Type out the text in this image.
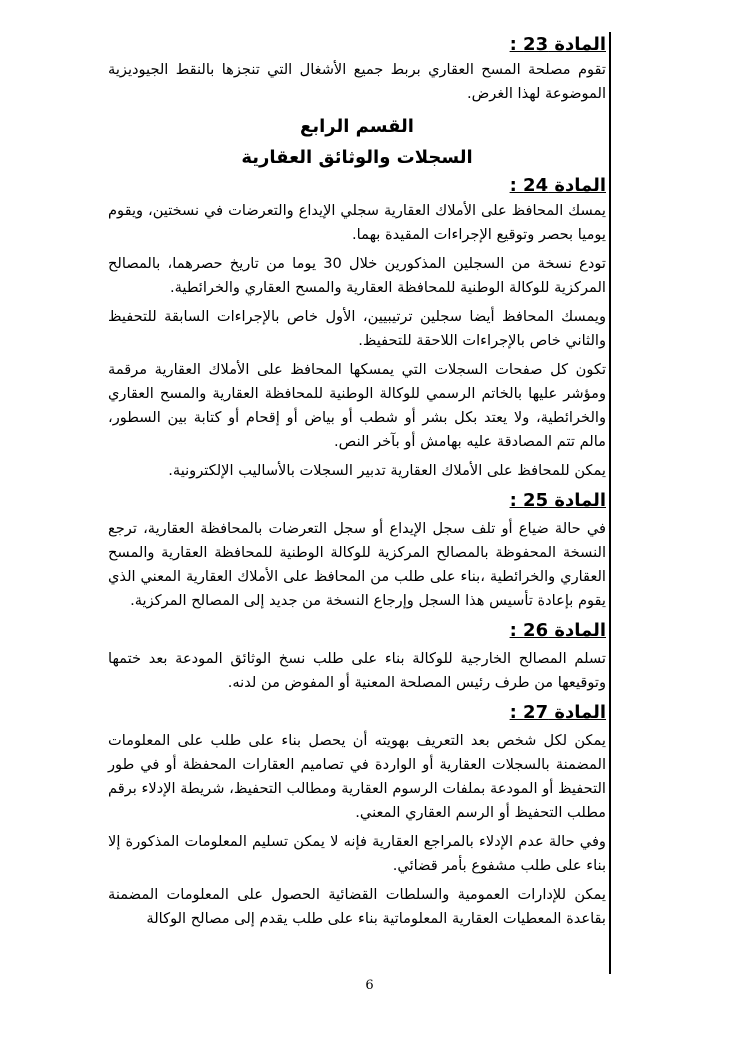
المادة 23 :

تقوم مصلحة المسح العقاري بربط جميع الأشغال التي تنجزها بالنقط الجيوديزية الموضوعة لهذا الغرض.

القسم الرابع
السجلات والوثائق العقارية
المادة 24 :

يمسك المحافظ على الأملاك العقارية سجلي الإيداع والتعرضات في نسختين، ويقوم يوميا بحصر وتوقيع الإجراءات المقيدة بهما.

تودع نسخة من السجلين المذكورين خلال 30 يوما من تاريخ حصرهما، بالمصالح المركزية للوكالة الوطنية للمحافظة العقارية والمسح العقاري والخرائطية.

ويمسك المحافظ أيضا سجلين ترتيبيين، الأول خاص بالإجراءات السابقة للتحفيظ والثاني خاص بالإجراءات اللاحقة للتحفيظ.

تكون كل صفحات السجلات التي يمسكها المحافظ على الأملاك العقارية مرقمة ومؤشر عليها بالخاتم الرسمي للوكالة الوطنية للمحافظة العقارية والمسح العقاري والخرائطية، ولا يعتد بكل بشر أو شطب أو بياض أو إقحام أو كتابة بين السطور، مالم تتم المصادقة عليه بهامش أو بآخر النص.

يمكن للمحافظ على الأملاك العقارية تدبير السجلات بالأساليب الإلكترونية.

المادة 25 :

في حالة ضياع أو تلف سجل الإيداع أو سجل التعرضات بالمحافظة العقارية، ترجع النسخة المحفوظة بالمصالح المركزية للوكالة الوطنية للمحافظة العقارية والمسح العقاري والخرائطية ،بناء على طلب من المحافظ على الأملاك العقارية المعني الذي يقوم بإعادة تأسيس هذا السجل وإرجاع النسخة من جديد إلى المصالح المركزية.

المادة 26 :

تسلم المصالح الخارجية للوكالة بناء على طلب نسخ الوثائق المودعة بعد ختمها وتوقيعها من طرف رئيس المصلحة المعنية أو المفوض من لدنه.

المادة 27 :

يمكن لكل شخص بعد التعريف بهويته أن يحصل بناء على طلب على المعلومات المضمنة بالسجلات العقارية أو الواردة في تصاميم العقارات المحفظة أو في طور التحفيظ أو المودعة بملفات الرسوم العقارية ومطالب التحفيظ، شريطة الإدلاء برقم مطلب التحفيظ أو الرسم العقاري المعني.

وفي حالة عدم الإدلاء بالمراجع العقارية فإنه لا يمكن تسليم المعلومات المذكورة إلا بناء على طلب مشفوع بأمر قضائي.

يمكن للإدارات العمومية والسلطات القضائية الحصول على المعلومات المضمنة بقاعدة المعطيات العقارية المعلوماتية بناء على طلب يقدم إلى مصالح الوكالة

6
